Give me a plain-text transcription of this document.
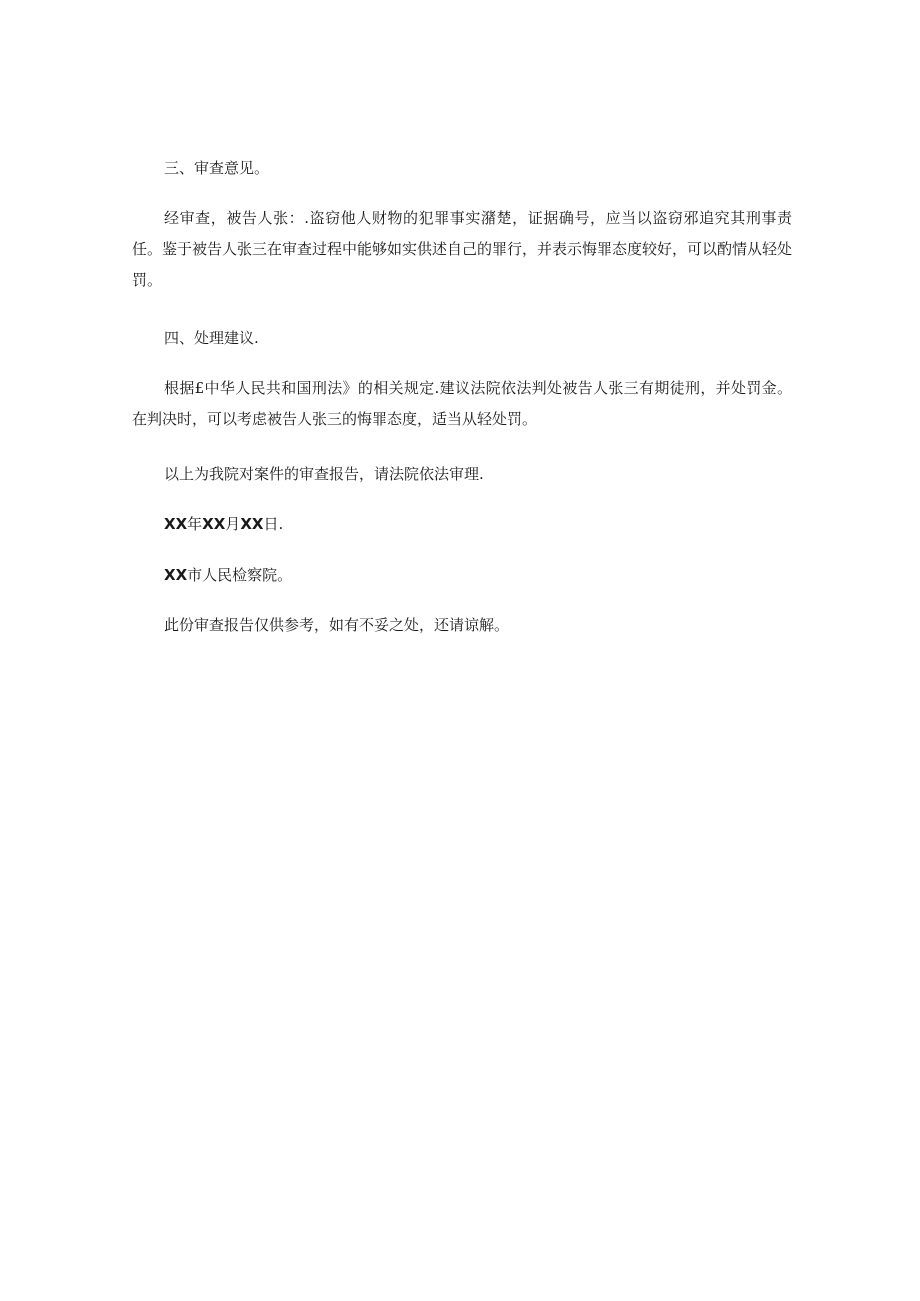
三、审查意见。

经审查，被告人张：.盗窃他人财物的犯罪事实潴楚，证据确号，应当以盗窃邪追究其刑事责任。鉴于被告人张三在审查过程中能够如实供述自己的罪行，并表示悔罪态度较好，可以酌情从轻处罚。

四、处理建议.

根据£中华人民共和国刑法》的相关规定.建议法院依法判处被告人张三有期徒刑，并处罚金。在判决时，可以考虑被告人张三的悔罪态度，适当从轻处罚。

以上为我院对案件的审查报告，请法院依法审理.

XX年XX月XX日.

XX市人民检察院。

此份审查报告仅供参考，如有不妥之处，还请谅解。
